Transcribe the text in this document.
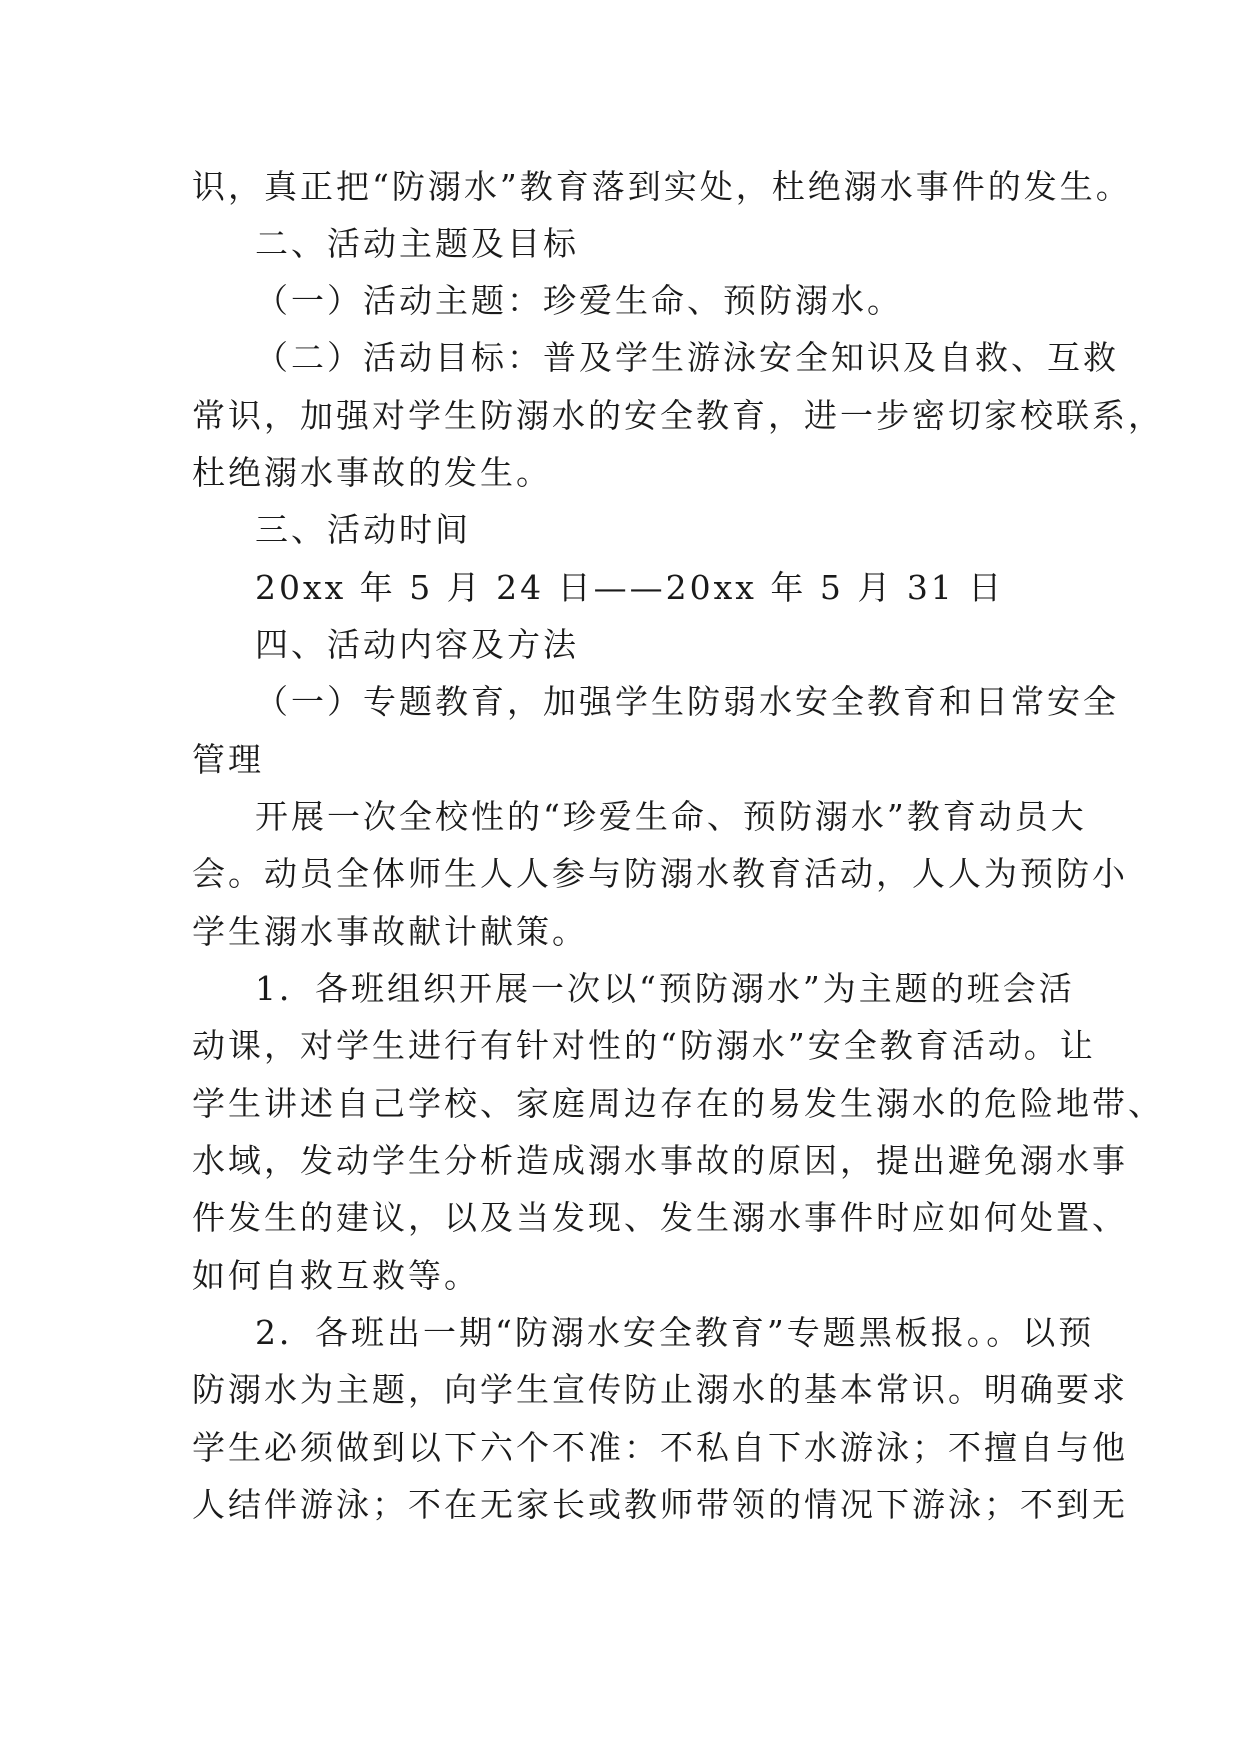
识，真正把“防溺水”教育落到实处，杜绝溺水事件的发生。
二、活动主题及目标
（一）活动主题：珍爱生命、预防溺水。
（二）活动目标：普及学生游泳安全知识及自救、互救
常识，加强对学生防溺水的安全教育，进一步密切家校联系，
杜绝溺水事故的发生。
三、活动时间
20xx 年 5 月 24 日——20xx 年 5 月 31 日
四、活动内容及方法
（一）专题教育，加强学生防弱水安全教育和日常安全
管理
开展一次全校性的“珍爱生命、预防溺水”教育动员大
会。动员全体师生人人参与防溺水教育活动，人人为预防小
学生溺水事故献计献策。
1．各班组织开展一次以“预防溺水”为主题的班会活
动课，对学生进行有针对性的“防溺水”安全教育活动。让
学生讲述自己学校、家庭周边存在的易发生溺水的危险地带、
水域，发动学生分析造成溺水事故的原因，提出避免溺水事
件发生的建议，以及当发现、发生溺水事件时应如何处置、
如何自救互救等。
2．各班出一期“防溺水安全教育”专题黑板报。。以预
防溺水为主题，向学生宣传防止溺水的基本常识。明确要求
学生必须做到以下六个不准：不私自下水游泳；不擅自与他
人结伴游泳；不在无家长或教师带领的情况下游泳；不到无
